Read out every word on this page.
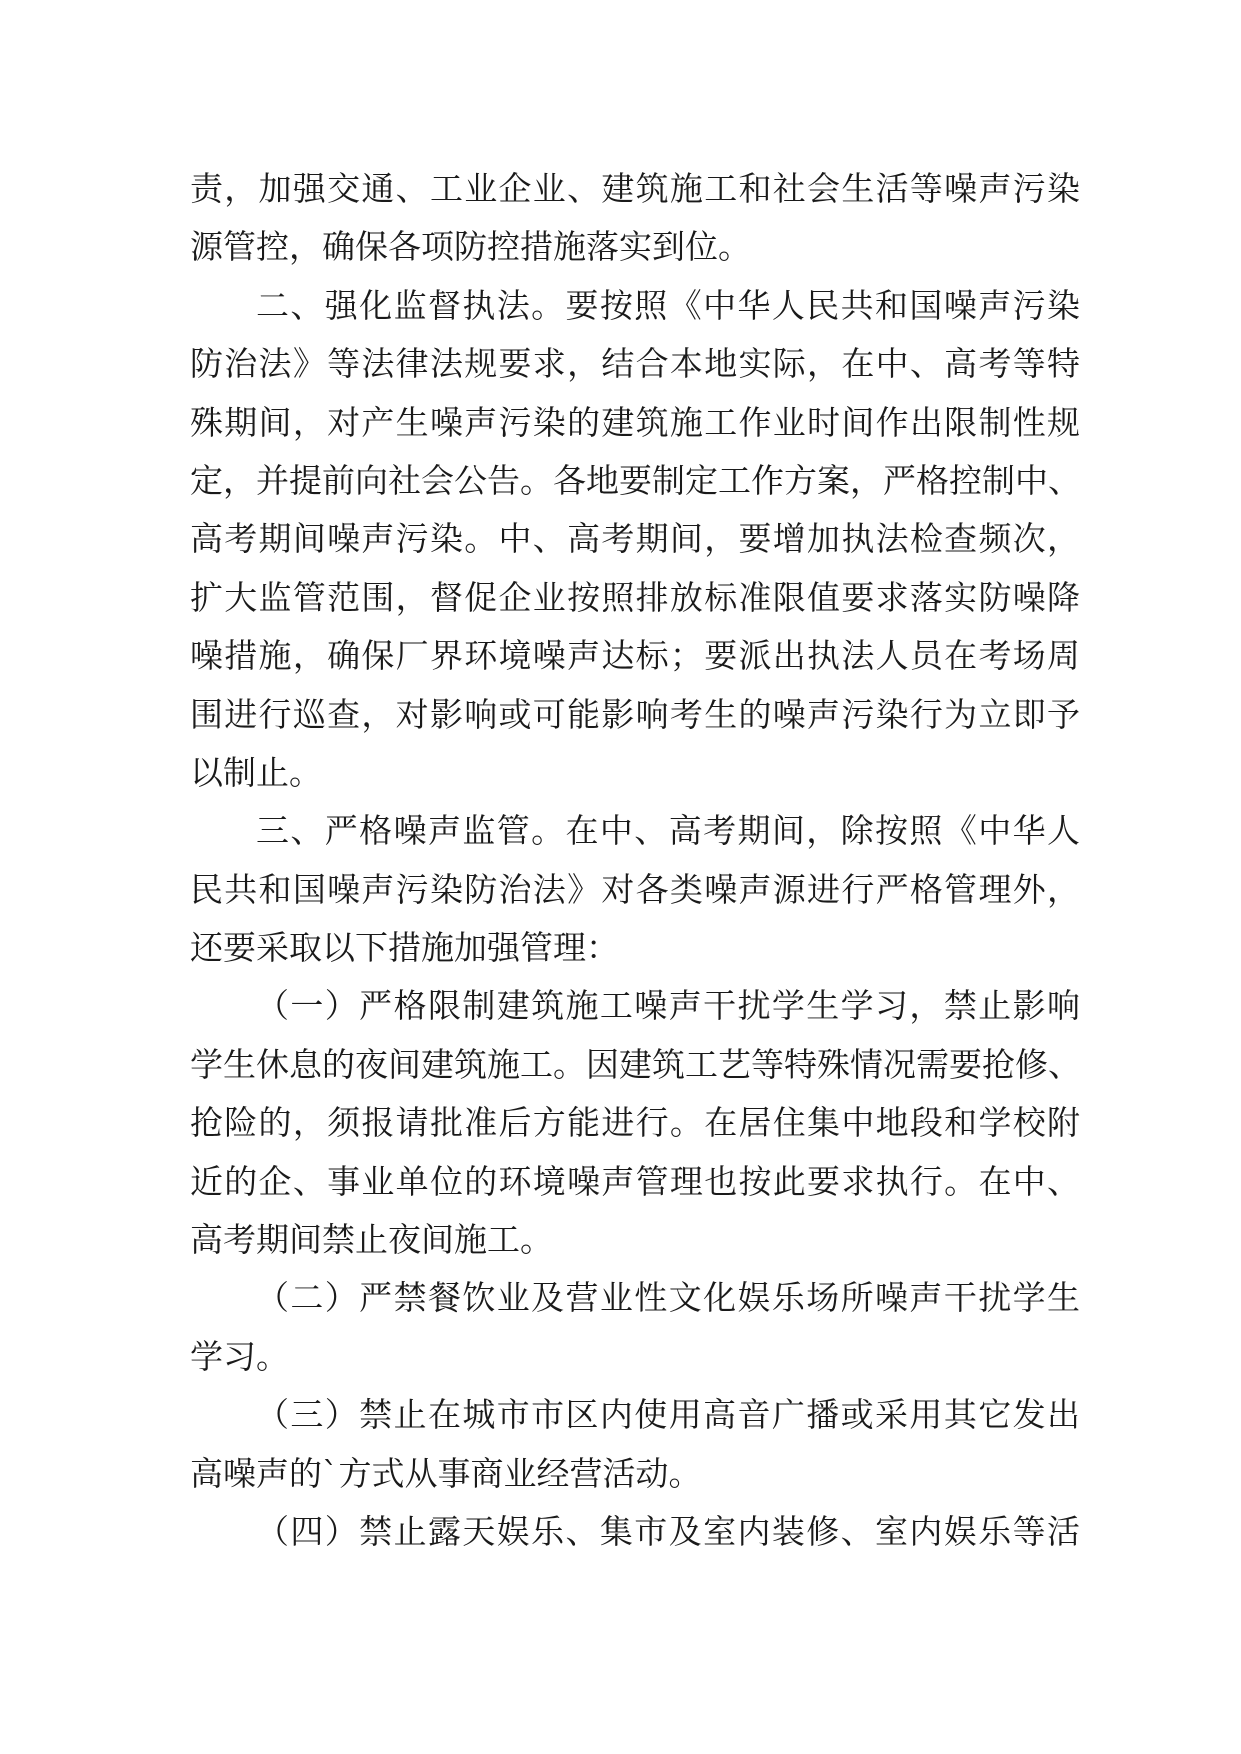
责，加强交通、工业企业、建筑施工和社会生活等噪声污染
源管控，确保各项防控措施落实到位。
二、强化监督执法。要按照《中华人民共和国噪声污染
防治法》等法律法规要求，结合本地实际，在中、高考等特
殊期间，对产生噪声污染的建筑施工作业时间作出限制性规
定，并提前向社会公告。各地要制定工作方案，严格控制中、
高考期间噪声污染。中、高考期间，要增加执法检查频次，
扩大监管范围，督促企业按照排放标准限值要求落实防噪降
噪措施，确保厂界环境噪声达标；要派出执法人员在考场周
围进行巡查，对影响或可能影响考生的噪声污染行为立即予
以制止。
三、严格噪声监管。在中、高考期间，除按照《中华人
民共和国噪声污染防治法》对各类噪声源进行严格管理外，
还要采取以下措施加强管理：
（一）严格限制建筑施工噪声干扰学生学习，禁止影响
学生休息的夜间建筑施工。因建筑工艺等特殊情况需要抢修、
抢险的，须报请批准后方能进行。在居住集中地段和学校附
近的企、事业单位的环境噪声管理也按此要求执行。在中、
高考期间禁止夜间施工。
（二）严禁餐饮业及营业性文化娱乐场所噪声干扰学生
学习。
（三）禁止在城市市区内使用高音广播或采用其它发出
高噪声的`方式从事商业经营活动。
（四）禁止露天娱乐、集市及室内装修、室内娱乐等活
